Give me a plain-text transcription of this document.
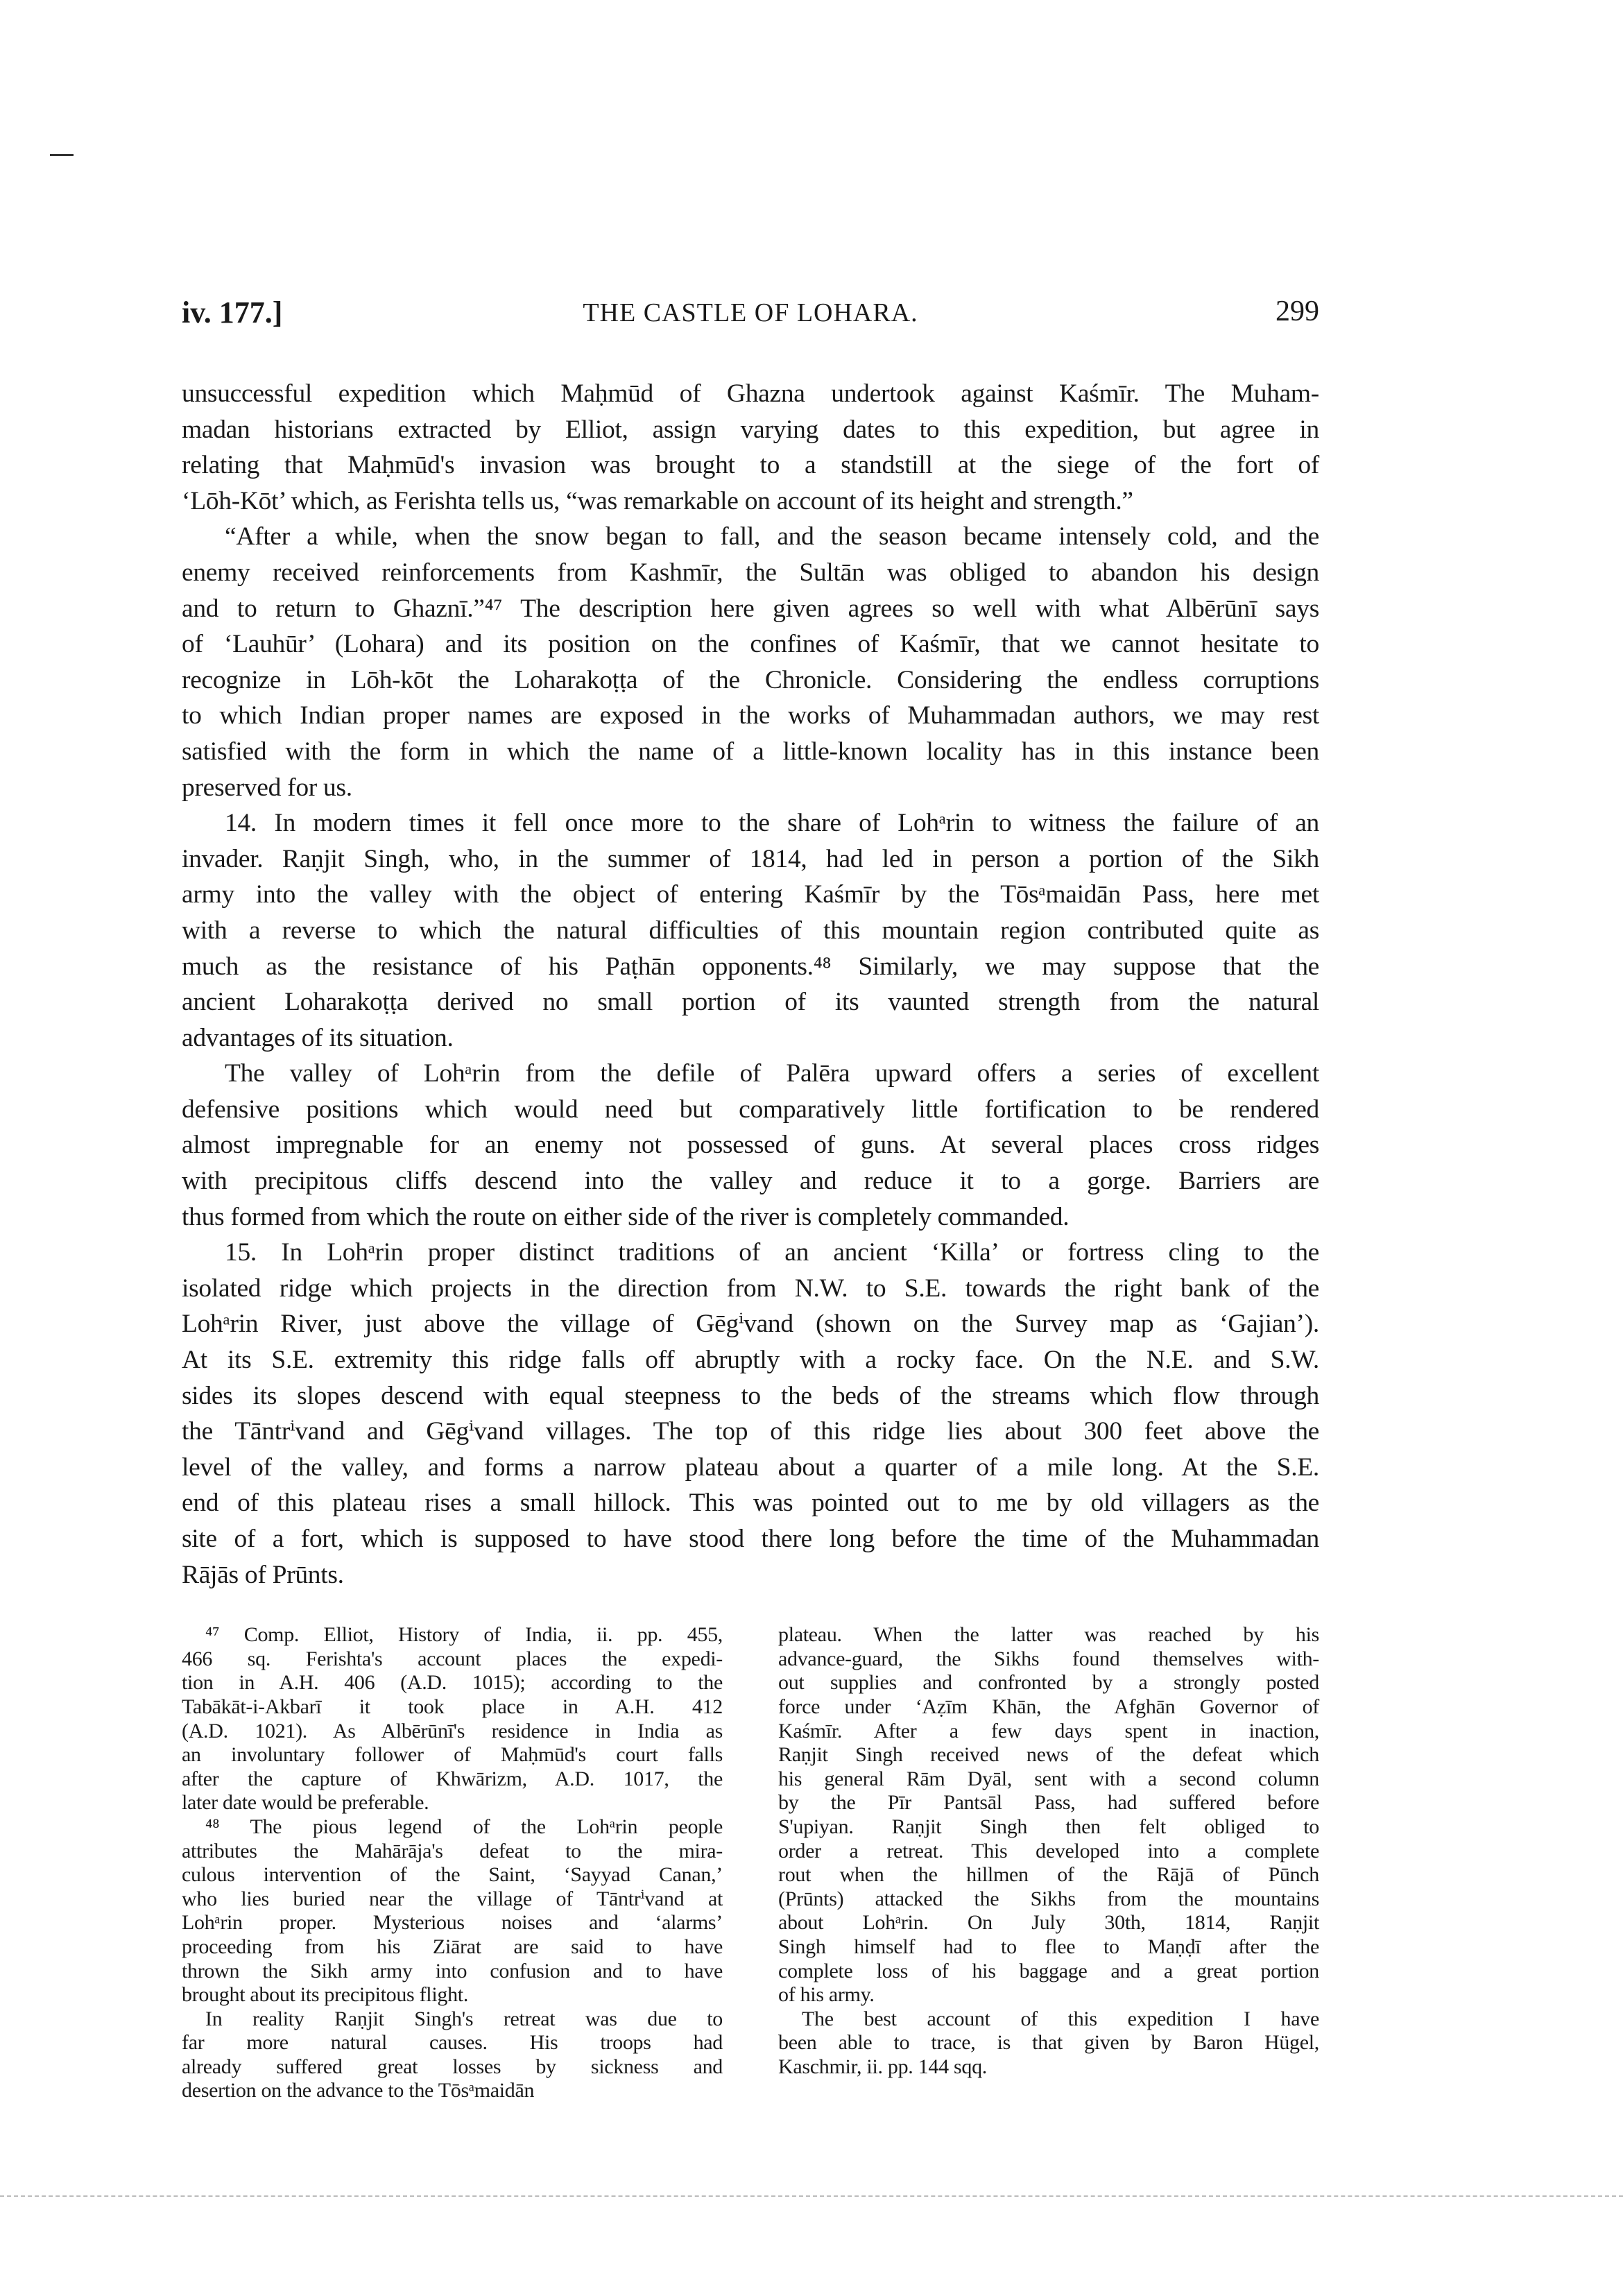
iv. 177.]	THE CASTLE OF LOHARA.	299
unsuccessful expedition which Maḥmūd of Ghazna undertook against Kaśmīr. The Muham-
madan historians extracted by Elliot, assign varying dates to this expedition, but agree in
relating that Maḥmūd's invasion was brought to a standstill at the siege of the fort of
‘Lōh-Kōt’ which, as Ferishta tells us, “was remarkable on account of its height and strength.”
“After a while, when the snow began to fall, and the season became intensely cold, and the
enemy received reinforcements from Kashmīr, the Sultān was obliged to abandon his design
and to return to Ghaznī.”⁴⁷ The description here given agrees so well with what Albērūnī says
of ‘Lauhūr’ (Lohara) and its position on the confines of Kaśmīr, that we cannot hesitate to
recognize in Lōh-kōt the Loharakoṭṭa of the Chronicle. Considering the endless corruptions
to which Indian proper names are exposed in the works of Muhammadan authors, we may rest
satisfied with the form in which the name of a little-known locality has in this instance been
preserved for us.
14. In modern times it fell once more to the share of Lohᵃrin to witness the failure of an
invader. Raṇjit Singh, who, in the summer of 1814, had led in person a portion of the Sikh
army into the valley with the object of entering Kaśmīr by the Tōsᵃmaidān Pass, here met
with a reverse to which the natural difficulties of this mountain region contributed quite as
much as the resistance of his Paṭhān opponents.⁴⁸ Similarly, we may suppose that the
ancient Loharakoṭṭa derived no small portion of its vaunted strength from the natural
advantages of its situation.
The valley of Lohᵃrin from the defile of Palēra upward offers a series of excellent
defensive positions which would need but comparatively little fortification to be rendered
almost impregnable for an enemy not possessed of guns. At several places cross ridges
with precipitous cliffs descend into the valley and reduce it to a gorge. Barriers are
thus formed from which the route on either side of the river is completely commanded.
15. In Lohᵃrin proper distinct traditions of an ancient ‘Killa’ or fortress cling to the
isolated ridge which projects in the direction from N.W. to S.E. towards the right bank of the
Lohᵃrin River, just above the village of Gēgⁱvand (shown on the Survey map as ‘Gajian’).
At its S.E. extremity this ridge falls off abruptly with a rocky face. On the N.E. and S.W.
sides its slopes descend with equal steepness to the beds of the streams which flow through
the Tāntrⁱvand and Gēgⁱvand villages. The top of this ridge lies about 300 feet above the
level of the valley, and forms a narrow plateau about a quarter of a mile long. At the S.E.
end of this plateau rises a small hillock. This was pointed out to me by old villagers as the
site of a fort, which is supposed to have stood there long before the time of the Muhammadan
Rājās of Prūnts.
⁴⁷ Comp. Elliot, History of India, ii. pp. 455,
466 sq. Ferishta's account places the expedi-
tion in A.H. 406 (A.D. 1015); according to the
Tabākāt-i-Akbarī it took place in A.H. 412
(A.D. 1021). As Albērūnī's residence in India as
an involuntary follower of Maḥmūd's court falls
after the capture of Khwārizm, A.D. 1017, the
later date would be preferable.
⁴⁸ The pious legend of the Lohᵃrin people
attributes the Mahārāja's defeat to the mira-
culous intervention of the Saint, ‘Sayyad Canan,’
who lies buried near the village of Tāntrⁱvand at
Lohᵃrin proper. Mysterious noises and ‘alarms’
proceeding from his Ziārat are said to have
thrown the Sikh army into confusion and to have
brought about its precipitous flight.
In reality Raṇjit Singh's retreat was due to
far more natural causes. His troops had
already suffered great losses by sickness and
desertion on the advance to the Tōsᵃmaidān
plateau. When the latter was reached by his
advance-guard, the Sikhs found themselves with-
out supplies and confronted by a strongly posted
force under ‘Aẓīm Khān, the Afghān Governor of
Kaśmīr. After a few days spent in inaction,
Raṇjit Singh received news of the defeat which
his general Rām Dyāl, sent with a second column
by the Pīr Pantsāl Pass, had suffered before
S'upiyan. Raṇjit Singh then felt obliged to
order a retreat. This developed into a complete
rout when the hillmen of the Rājā of Pūnch
(Prūnts) attacked the Sikhs from the mountains
about Lohᵃrin. On July 30th, 1814, Raṇjit
Singh himself had to flee to Maṇḍī after the
complete loss of his baggage and a great portion
of his army.
The best account of this expedition I have
been able to trace, is that given by Baron Hügel,
Kaschmir, ii. pp. 144 sqq.
